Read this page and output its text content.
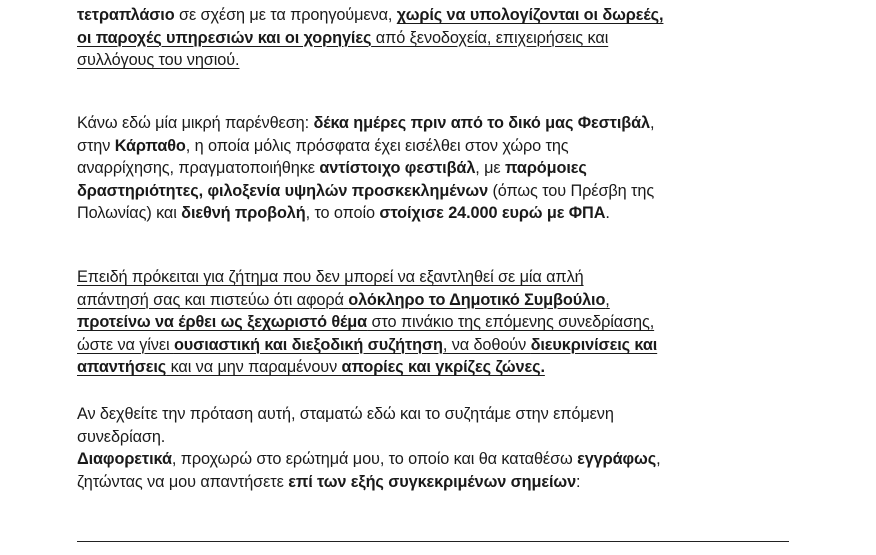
τετραπλάσιο σε σχέση με τα προηγούμενα, χωρίς να υπολογίζονται οι δωρεές,
οι παροχές υπηρεσιών και οι χορηγίες από ξενοδοχεία, επιχειρήσεις και
συλλόγους του νησιού.
Κάνω εδώ μία μικρή παρένθεση: δέκα ημέρες πριν από το δικό μας Φεστιβάλ,
στην Κάρπαθο, η οποία μόλις πρόσφατα έχει εισέλθει στον χώρο της
αναρρίχησης, πραγματοποιήθηκε αντίστοιχο φεστιβάλ, με παρόμοιες
δραστηριότητες, φιλοξενία υψηλών προσκεκλημένων (όπως του Πρέσβη της
Πολωνίας) και διεθνή προβολή, το οποίο στοίχισε 24.000 ευρώ με ΦΠΑ.
Επειδή πρόκειται για ζήτημα που δεν μπορεί να εξαντληθεί σε μία απλή
απάντησή σας και πιστεύω ότι αφορά ολόκληρο το Δημοτικό Συμβούλιο,
προτείνω να έρθει ως ξεχωριστό θέμα στο πινάκιο της επόμενης συνεδρίασης,
ώστε να γίνει ουσιαστική και διεξοδική συζήτηση, να δοθούν διευκρινίσεις και
απαντήσεις και να μην παραμένουν απορίες και γκρίζες ζώνες.
Αν δεχθείτε την πρόταση αυτή, σταματώ εδώ και το συζητάμε στην επόμενη
συνεδρίαση.
Διαφορετικά, προχωρώ στο ερώτημά μου, το οποίο και θα καταθέσω εγγράφως,
ζητώντας να μου απαντήσετε επί των εξής συγκεκριμένων σημείων:
